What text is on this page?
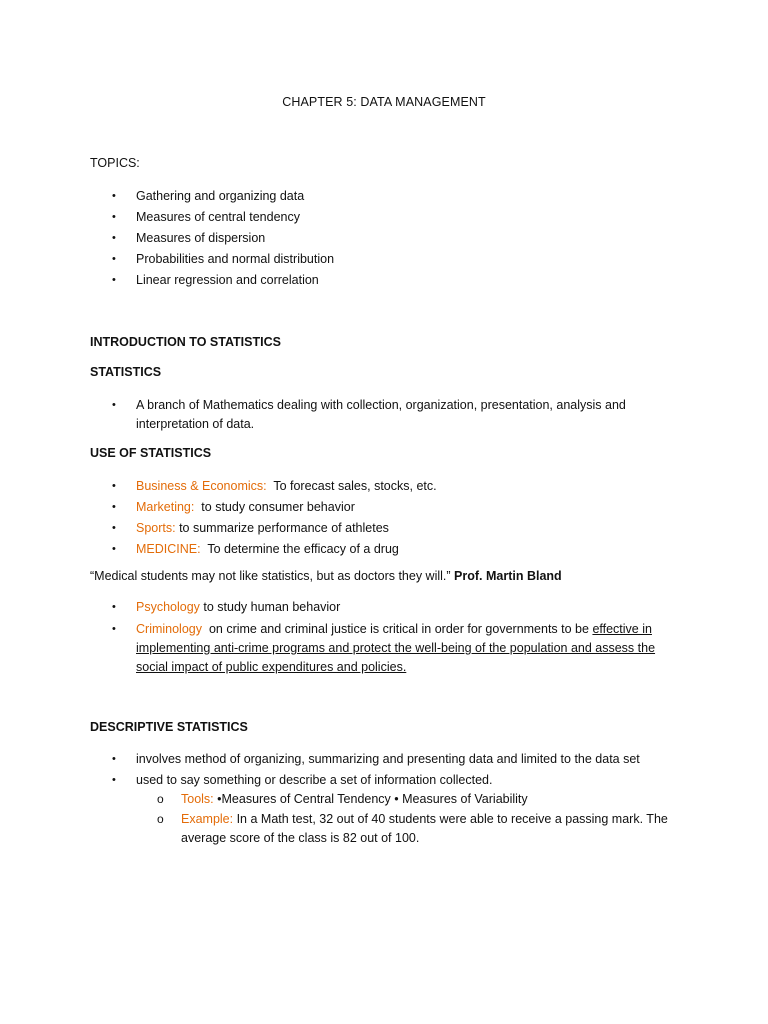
CHAPTER 5: DATA MANAGEMENT
TOPICS:
• Gathering and organizing data
• Measures of central tendency
• Measures of dispersion
• Probabilities and normal distribution
• Linear regression and correlation
INTRODUCTION TO STATISTICS
STATISTICS
• A branch of Mathematics dealing with collection, organization, presentation, analysis and interpretation of data.
USE OF STATISTICS
• Business & Economics:  To forecast sales, stocks, etc.
• Marketing:  to study consumer behavior
• Sports: to summarize performance of athletes
• MEDICINE:  To determine the efficacy of a drug
“Medical students may not like statistics, but as doctors they will.” Prof. Martin Bland
• Psychology to study human behavior
• Criminology  on crime and criminal justice is critical in order for governments to be effective in implementing anti-crime programs and protect the well-being of the population and assess the social impact of public expenditures and policies.
DESCRIPTIVE STATISTICS
• involves method of organizing, summarizing and presenting data and limited to the data set
• used to say something or describe a set of information collected.
o Tools: •Measures of Central Tendency • Measures of Variability
o Example: In a Math test, 32 out of 40 students were able to receive a passing mark. The average score of the class is 82 out of 100.
